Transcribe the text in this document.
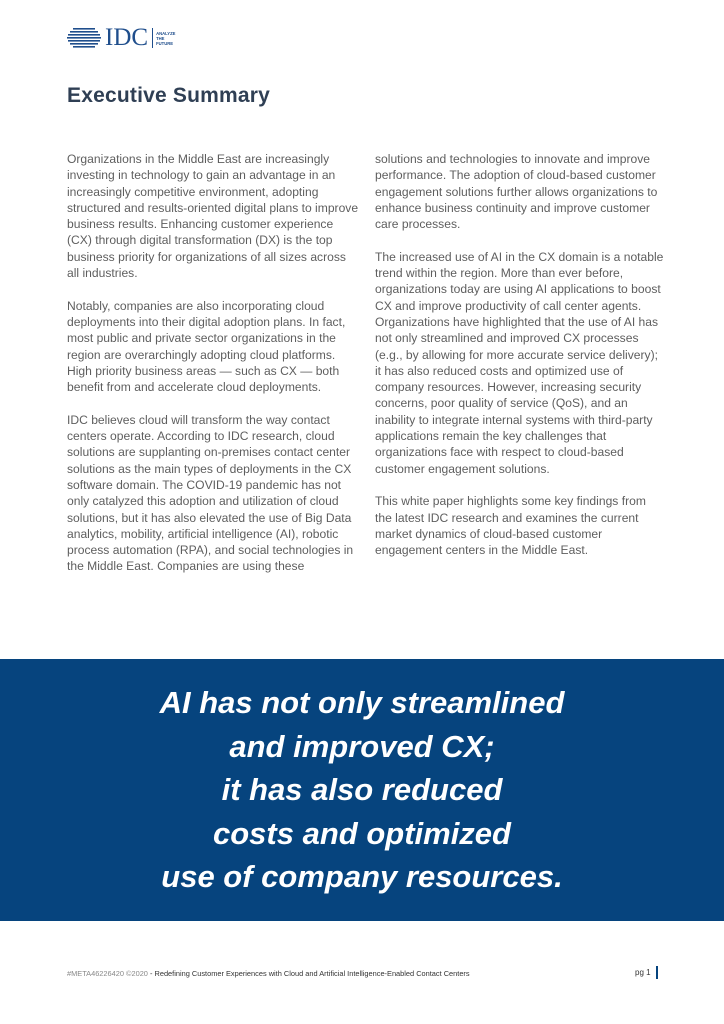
IDC ANALYZE
THE
FUTURE
Executive Summary

Organizations in the Middle East are increasingly investing in technology to gain an advantage in an increasingly competitive environment, adopting structured and results-oriented digital plans to improve business results. Enhancing customer experience (CX) through digital transformation (DX) is the top business priority for organizations of all sizes across all industries.

Notably, companies are also incorporating cloud deployments into their digital adoption plans. In fact, most public and private sector organizations in the region are overarchingly adopting cloud platforms. High priority business areas — such as CX — both benefit from and accelerate cloud deployments.

IDC believes cloud will transform the way contact centers operate. According to IDC research, cloud solutions are supplanting on-premises contact center solutions as the main types of deployments in the CX software domain. The COVID-19 pandemic has not only catalyzed this adoption and utilization of cloud solutions, but it has also elevated the use of Big Data analytics, mobility, artificial intelligence (AI), robotic process automation (RPA), and social technologies in the Middle East. Companies are using these

solutions and technologies to innovate and improve performance. The adoption of cloud-based customer engagement solutions further allows organizations to enhance business continuity and improve customer care processes.

The increased use of AI in the CX domain is a notable trend within the region. More than ever before, organizations today are using AI applications to boost CX and improve productivity of call center agents. Organizations have highlighted that the use of AI has not only streamlined and improved CX processes (e.g., by allowing for more accurate service delivery); it has also reduced costs and optimized use of company resources. However, increasing security concerns, poor quality of service (QoS), and an inability to integrate internal systems with third-party applications remain the key challenges that organizations face with respect to cloud-based customer engagement solutions.

This white paper highlights some key findings from the latest IDC research and examines the current market dynamics of cloud-based customer engagement centers in the Middle East.

AI has not only streamlined
and improved CX;
it has also reduced
costs and optimized
use of company resources.
#META46226420 ©2020 - Redefining Customer Experiences with Cloud and Artificial Intelligence-Enabled Contact Centers	pg 1
